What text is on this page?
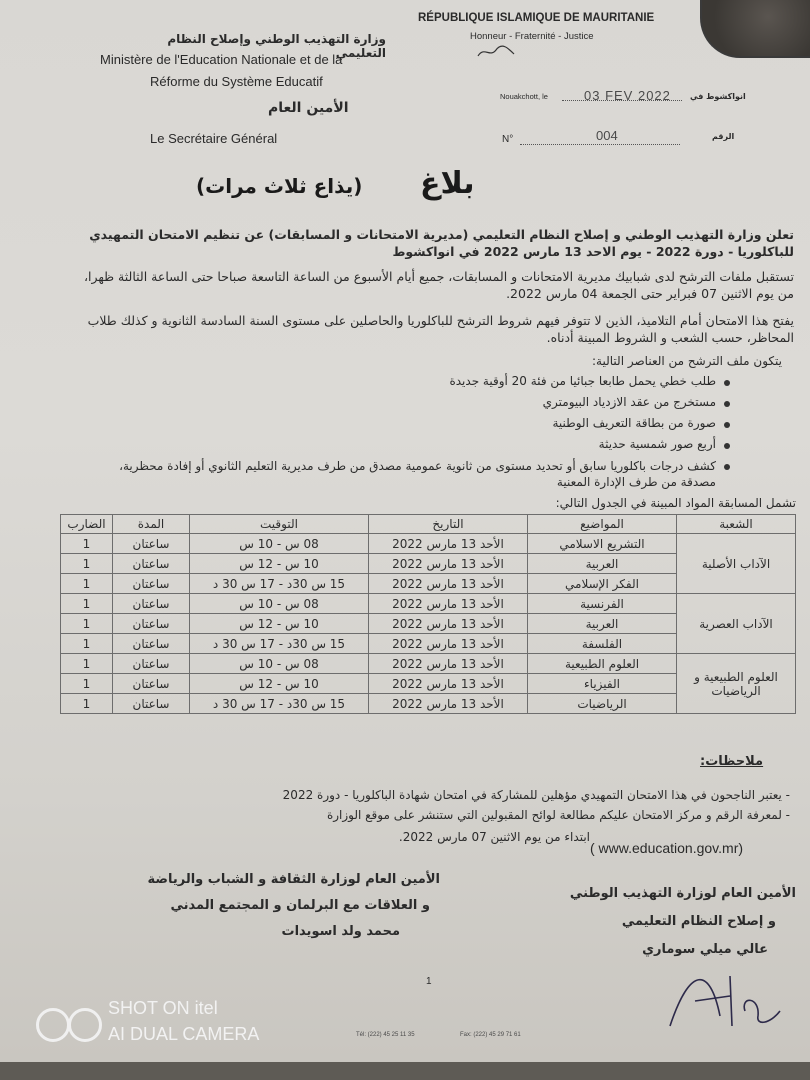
RÉPUBLIQUE ISLAMIQUE DE MAURITANIE
Honneur - Fraternité - Justice
وزارة التهذيب الوطني وإصلاح النظام التعليمي
Ministère de l'Education Nationale et de la
Réforme du Système Educatif
الأمين العام
Le Secrétaire Général
Nouakchott, le	03 FEV 2022 انواكشوط في
N°	004	الرقم
بلاغ
(يذاع ثلاث مرات)
تعلن وزارة التهذيب الوطني و إصلاح النظام التعليمي (مديرية الامتحانات و المسابقات) عن تنظيم الامتحان التمهيدي للباكلوريا - دورة 2022 - يوم الاحد 13 مارس 2022 في انواكشوط
تستقبل ملفات الترشح لدى شبابيك مديرية الامتحانات و المسابقات، جميع أيام الأسبوع من الساعة التاسعة صباحا حتى الساعة الثالثة ظهرا، من يوم الاثنين 07 فبراير حتى الجمعة 04 مارس 2022.
يفتح هذا الامتحان أمام التلاميذ، الذين لا تتوفر فيهم شروط الترشح للباكلوريا والحاصلين على مستوى السنة السادسة الثانوية و كذلك طلاب المحاظر، حسب الشعب و الشروط المبينة أدناه.
يتكون ملف الترشح من العناصر التالية:
طلب خطي يحمل طابعا جبائيا من فئة 20 أوقية جديدة
مستخرج من عقد الازدياد البيومتري
صورة من بطاقة التعريف الوطنية
أربع صور شمسية حديثة
كشف درجات باكلوريا سابق أو تحديد مستوى من ثانوية عمومية مصدق من طرف مديرية التعليم الثانوي أو إفادة محظرية، مصدقة من طرف الإدارة المعنية
تشمل المسابقة المواد المبينة في الجدول التالي:
الشعبة	المواضيع	التاريخ	التوقيت	المدة	الضارب
الآداب الأصلية	التشريع الاسلامي	الأحد 13 مارس 2022	08 س - 10 س	ساعتان	1
	العربية	الأحد 13 مارس 2022	10 س - 12 س	ساعتان	1
	الفكر الإسلامي	الأحد 13 مارس 2022	15 س 30د - 17 س 30 د	ساعتان	1
الآداب العصرية	الفرنسية	الأحد 13 مارس 2022	08 س - 10 س	ساعتان	1
	العربية	الأحد 13 مارس 2022	10 س - 12 س	ساعتان	1
	الفلسفة	الأحد 13 مارس 2022	15 س 30د - 17 س 30 د	ساعتان	1
العلوم الطبيعية و الرياضيات	العلوم الطبيعية	الأحد 13 مارس 2022	08 س - 10 س	ساعتان	1
	الفيزياء	الأحد 13 مارس 2022	10 س - 12 س	ساعتان	1
	الرياضيات	الأحد 13 مارس 2022	15 س 30د - 17 س 30 د	ساعتان	1
ملاحظات:
- يعتبر الناجحون في هذا الامتحان التمهيدي مؤهلين للمشاركة في امتحان شهادة الباكلوريا - دورة 2022
- لمعرفة الرقم و مركز الامتحان عليكم مطالعة لوائح المقبولين التي ستنشر على موقع الوزارة
ابتداء من يوم الاثنين 07 مارس 2022.
( www.education.gov.mr)
الأمين العام لوزارة الثقافة و الشباب والرياضة
و العلاقات مع البرلمان و المجتمع المدني
محمد ولد اسويدات
الأمين العام لوزارة التهذيب الوطني
و إصلاح النظام التعليمي
عالي ميلي سوماري
1
Tél: (222) 45 25 11 35	Fax: (222) 45 29 71 61
SHOT ON itel
AI DUAL CAMERA
